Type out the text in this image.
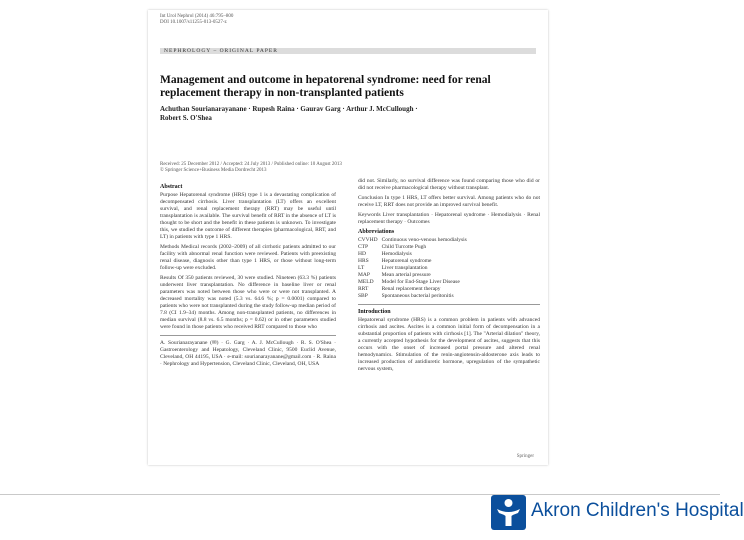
Int Urol Nephrol (2014) 46:795–800
DOI 10.1007/s11255-013-0527-z
NEPHROLOGY – ORIGINAL PAPER
Management and outcome in hepatorenal syndrome: need for renal replacement therapy in non-transplanted patients
Achuthan Sourianarayanane · Rupesh Raina · Gaurav Garg · Arthur J. McCullough · Robert S. O'Shea
Received: 25 December 2012 / Accepted: 24 July 2013 / Published online: 10 August 2013
© Springer Science+Business Media Dordrecht 2013
Abstract

Purpose Hepatorenal syndrome (HRS) type 1 is a devastating complication of decompensated cirrhosis. Liver transplantation (LT) offers an excellent survival, and renal replacement therapy (RRT) may be useful until transplantation is available. The survival benefit of RRT in the absence of LT is thought to be short and the benefit in these patients is unknown. To investigate this, we studied the outcome of different therapies (pharmacological, RRT, and LT) in patients with type 1 HRS.

Methods Medical records (2002–2009) of all cirrhotic patients admitted to our facility with abnormal renal function were reviewed. Patients with preexisting renal disease, diagnosis other than type 1 HRS, or those without long-term follow-up were excluded.

Results Of 350 patients reviewed, 30 were studied. Nineteen (63.3 %) patients underwent liver transplantation. No difference in baseline liver or renal parameters was noted between those who were or were not transplanted. A decreased mortality was noted (5.3 vs. 64.6 %; p = 0.0001) compared to patients who were not transplanted during the study follow-up median period of 7.8 (CI 1.9–34) months. Among non-transplanted patients, no differences in median survival (8.8 vs. 6.5 months; p = 0.62) or in other parameters studied were found in those patients who received RRT compared to those who

A. Sourianarayanane (✉) · G. Garg · A. J. McCullough · R. S. O'Shea · Gastroenterology and Hepatology, Cleveland Clinic, 9500 Euclid Avenue, Cleveland, OH 44195, USA · e-mail: sourianarayanane@gmail.com · R. Raina · Nephrology and Hypertension, Cleveland Clinic, Cleveland, OH, USA

did not. Similarly, no survival difference was found comparing those who did or did not receive pharmacological therapy without transplant.

Conclusion In type 1 HRS, LT offers better survival. Among patients who do not receive LT, RRT does not provide an improved survival benefit.

Keywords Liver transplantation · Hepatorenal syndrome · Hemodialysis · Renal replacement therapy · Outcomes

Abbreviations
CVVHD	Continuous veno-venous hemodialysis
CTP	Child Turcotte Pugh
HD	Hemodialysis
HRS	Hepatorenal syndrome
LT	Liver transplantation
MAP	Mean arterial pressure
MELD	Model for End-Stage Liver Disease
RRT	Renal replacement therapy
SBP	Spontaneous bacterial peritonitis
Introduction

Hepatorenal syndrome (HRS) is a common problem in patients with advanced cirrhosis and ascites. Ascites is a common initial form of decompensation in a substantial proportion of patients with cirrhosis [1]. The "Arterial dilation" theory, a currently accepted hypothesis for the development of ascites, suggests that this occurs with the onset of increased portal pressure and altered renal hemodynamics. Stimulation of the renin-angiotensin-aldosterone axis leads to increased production of antidiuretic hormone, upregulation of the sympathetic nervous system,

Springer
Akron Children's Hospital
